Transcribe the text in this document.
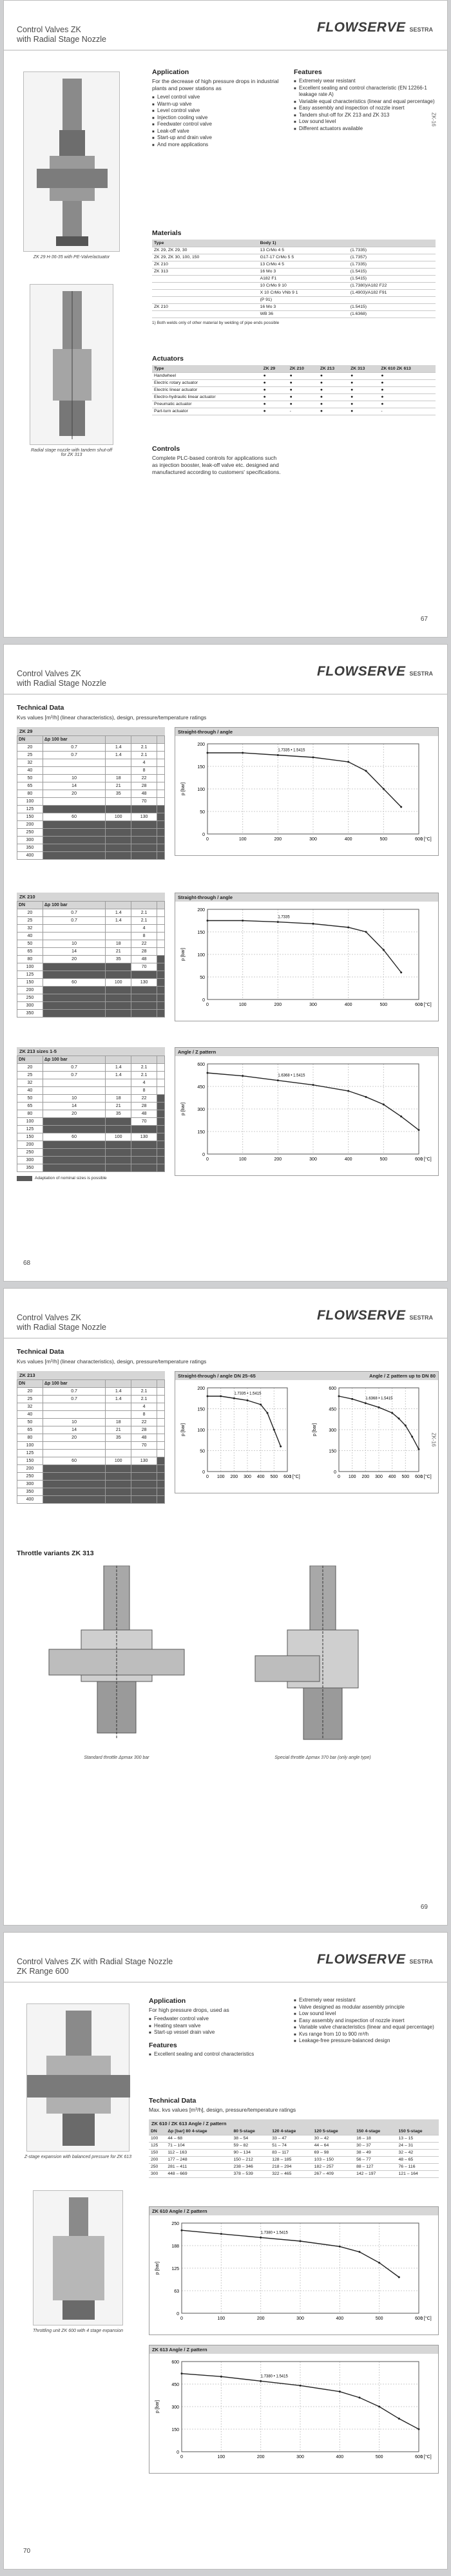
Control Valves ZK
with Radial Stage Nozzle
FLOWSERVE SESTRA
ZK 29 H-36-35 with PE-Valve/actuator
Radial stage nozzle with tandem shut-off for ZK 313
Application
For the decrease of high pressure drops in industrial plants and power stations as
■ Level control valve
■ Warm-up valve
■ Level control valve
■ Injection cooling valve
■ Feedwater control valve
■ Leak-off valve
■ Start-up and drain valve
■ And more applications
Features
■ Extremely wear resistant
■ Excellent sealing and control characteristic (EN 12266-1 leakage rate A)
■ Variable equal characteristics (linear and equal percentage)
■ Easy assembly and inspection of nozzle insert
■ Tandem shut-off for ZK 213 and ZK 313
■ Low sound level
■ Different actuators available
Materials
Type	Body 1)	
ZK 29, ZK 29, 30	13 CrMo 4 5	(1.7335)
ZK 29, ZK 30, 100, 150	G17-17 CrMo 5 5	(1.7357)
ZK 210	13 CrMo 4 5	(1.7335)
ZK 313	16 Mo 3	(1.5415)
	A182 F1	(1.5415)
	10 CrMo 9 10	(1.7380)/A182 F22
	X 10 CrMo VNb 9 1	(1.4903)/A182 F91
	(P 91)	
ZK 210	16 Mo 3	(1.5415)
	WB 36	(1.6368)
1) Both welds only of other material by welding of pipe ends possible
Actuators
Type	ZK 29	ZK 210	ZK 213	ZK 313	ZK 610 ZK 613
Handwheel	●	●	●	●	●
Electric rotary actuator	●	●	●	●	●
Electric linear actuator	●	●	●	●	●
Electro-hydraulic linear actuator	●	●	●	●	●
Pneumatic actuator	●	●	●	●	●
Part-turn actuator	●	-	●	●	-
Controls
Complete PLC-based controls for applications such as injection booster, leak-off valve etc. designed and manufactured according to customers' specifications.
ZK-16
67
Control Valves ZK
with Radial Stage Nozzle
FLOWSERVE SESTRA
Technical Data
Kvs values [m³/h] (linear characteristics), design, pressure/temperature ratings
ZK 29
DN	Δp 100 bar			
20	0.7	1.4	2.1	
25	0.7	1.4	2.1	
32			4	
40			8	
50	10	18	22	
65	14	21	28	
80	20	35	48	
100			70	
125				
150	60	100	130	
200				
250				
300				
350				
400				
Straight-through / angle
0	100	200	300	400	500	600
0
50
100
150
200
t [°C]
p [bar]
1.7335 • 1.5415
ZK 210
DN	Δp 100 bar			
20	0.7	1.4	2.1	
25	0.7	1.4	2.1	
32			4	
40			8	
50	10	18	22	
65	14	21	28	
80	20	35	48	
100			70	
125				
150	60	100	130	
200				
250				
300				
350				
Straight-through / angle
0	100	200	300	400	500	600
0
50
100
150
200
t [°C]
p [bar]
1.7335
ZK 213 sizes 1-5
DN	Δp 100 bar			
20	0.7	1.4	2.1	
25	0.7	1.4	2.1	
32			4	
40			8	
50	10	18	22	
65	14	21	28	
80	20	35	48	
100			70	
125				
150	60	100	130	
200				
250				
300				
350				
Adaptation of nominal sizes is possible
Angle / Z pattern
0	100	200	300	400	500	600
0
150
300
450
600
t [°C]
p [bar]
1.6368 • 1.5415
68
Control Valves ZK
with Radial Stage Nozzle
FLOWSERVE SESTRA
Technical Data
Kvs values [m³/h] (linear characteristics), design, pressure/temperature ratings
ZK 213
DN	Δp 100 bar			
20	0.7	1.4	2.1	
25	0.7	1.4	2.1	
32			4	
40			8	
50	10	18	22	
65	14	21	28	
80	20	35	48	
100			70	
125				
150	60	100	130	
200				
250				
300				
350				
400				
Straight-through / angle DN 25–65	Angle / Z pattern up to DN 80
0 100 200 300 400 500 600
0
50
100
150
200
t [°C]
p [bar]
1.7335 • 1.5415
0 100 200 300 400 500 600
0
150
300
450
600
t [°C]
p [bar]
1.6368 • 1.5415
Throttle variants ZK 313
Standard throttle Δpmax 300 bar	Special throttle Δpmax 370 bar (only angle type)
ZK-16
69
Control Valves ZK with Radial Stage Nozzle
ZK Range 600
FLOWSERVE SESTRA
Z-stage expansion with balanced pressure for ZK 613
Throttling unit ZK 600 with 4 stage expansion
Application
For high pressure drops, used as
■ Feedwater control valve
■ Heating steam valve
■ Start-up vessel drain valve
Features
■ Excellent sealing and control characteristics
■ Extremely wear resistant
■ Valve designed as modular assembly principle
■ Low sound level
■ Easy assembly and inspection of nozzle insert
■ Variable valve characteristics (linear and equal percentage)
■ Kvs range from 10 to 900 m³/h
■ Leakage-free pressure-balanced design
Technical Data
Max. kvs values [m³/h], design, pressure/temperature ratings
ZK 610 / ZK 613 Angle / Z pattern
DN	Δp [bar] 80 4-stage	80 5-stage	120 4-stage	120 5-stage	150 4-stage	150 5-stage
100	44 – 68	38 – 54	33 – 47	30 – 42	16 – 18	13 – 15
125	71 – 104	59 – 82	51 – 74	44 – 64	30 – 37	24 – 31
150	112 – 163	90 – 134	83 – 117	69 – 98	38 – 49	32 – 42
200	177 – 248	150 – 212	128 – 185	103 – 150	56 – 77	48 – 65
250	281 – 411	238 – 346	218 – 294	182 – 257	88 – 127	76 – 116
300	448 – 669	378 – 539	322 – 465	267 – 409	142 – 197	121 – 164
ZK 610 Angle / Z pattern
0	100	200	300	400	500	600
0
63
125
188
250
t [°C]
p [bar]
1.7380 • 1.5415
ZK 613 Angle / Z pattern
0	100	200	300	400	500	600
0
150
300
450
600
t [°C]
p [bar]
1.7380 • 1.5415
70
